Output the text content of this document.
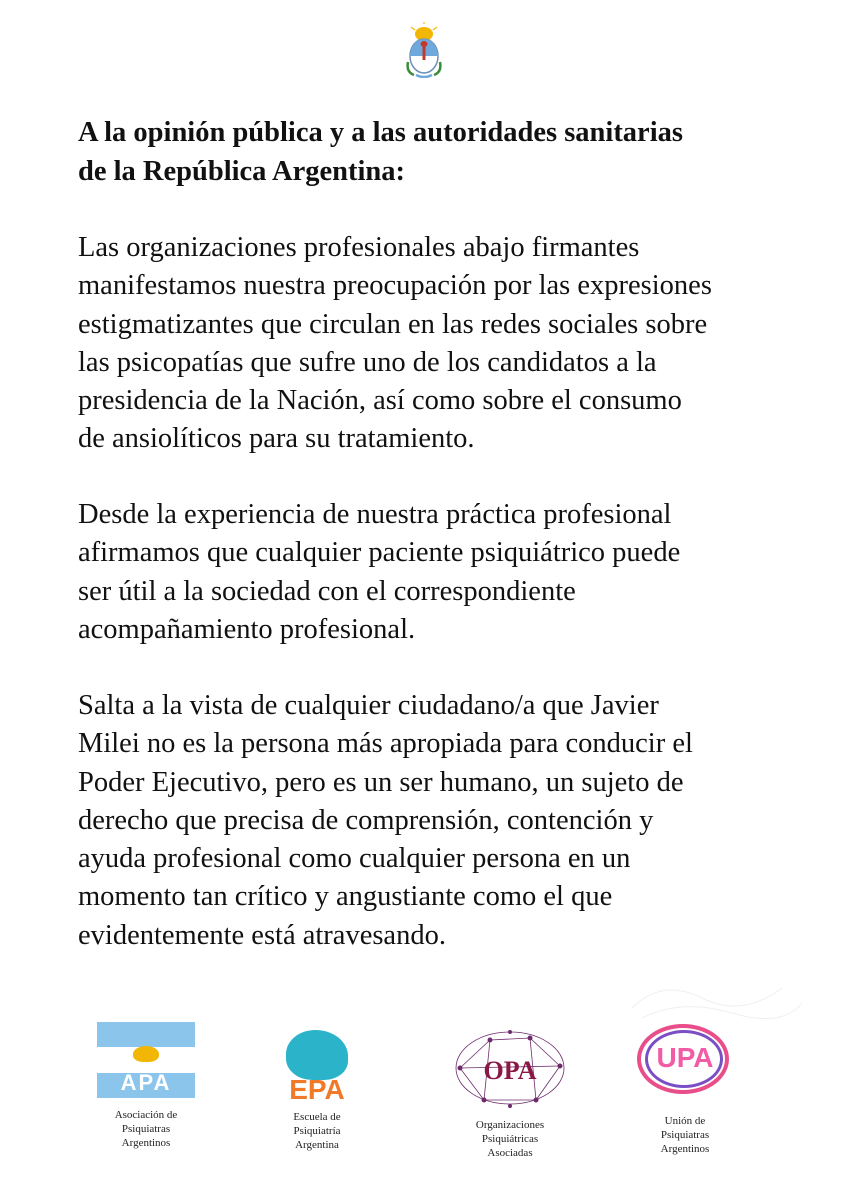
A la opinión pública y a las autoridades sanitarias
de la República Argentina:

Las organizaciones profesionales abajo firmantes
manifestamos nuestra preocupación por las expresiones
estigmatizantes que circulan en las redes sociales sobre
las psicopatías que sufre uno de los candidatos a la
presidencia de la Nación, así como sobre el consumo
de ansiolíticos para su tratamiento.

Desde la experiencia de nuestra práctica profesional
afirmamos que cualquier paciente psiquiátrico puede
ser útil a la sociedad con el correspondiente
acompañamiento profesional.

Salta a la vista de cualquier ciudadano/a que Javier
Milei no es la persona más apropiada para conducir el
Poder Ejecutivo, pero es un ser humano, un sujeto de
derecho que precisa de comprensión, contención y
ayuda profesional como cualquier persona en un
momento tan crítico y angustiante como el que
evidentemente está atravesando.

APA
Asociación de
Psiquiatras
Argentinos
EPA
Escuela de
Psiquiatría
Argentina
OPA
Organizaciones
Psiquiátricas
Asociadas
UPA
Unión de
Psiquiatras
Argentinos
